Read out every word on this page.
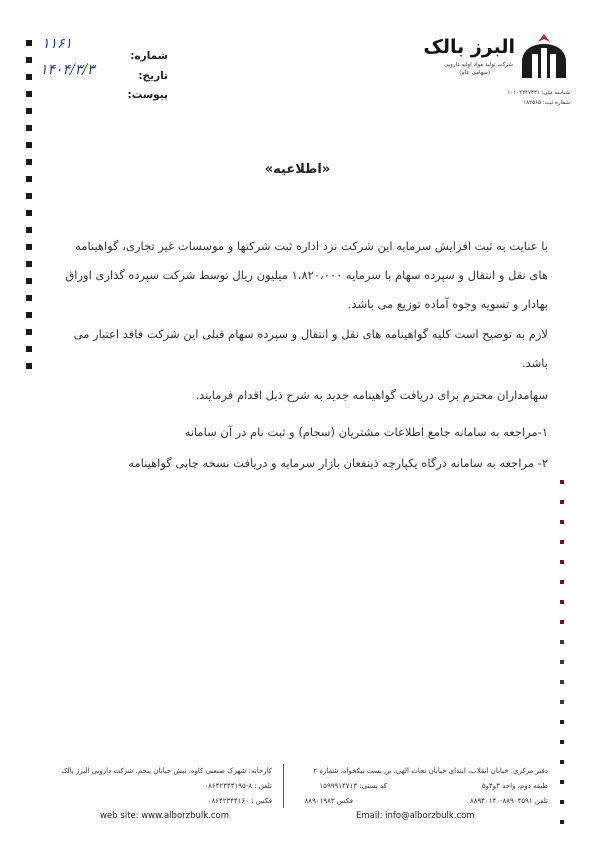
۱۱۶۱
۱۴۰۴/۳/۳
شماره:
تاریخ:
پیوست:
البرز بالک
شرکت تولید مواد اولیه دارویی
(سهامی عام)
شناسه ملی: ۱۰۱۰۲۲۴۷۳۳۱
شماره ثبت: ۱۸۲۵۶۵
«اطلاعیه»
با عنایت به ثبت افزایش سرمایه این شرکت نزد اداره ثبت شرکتها و موسسات غیر تجاری، گواهینامه های نقل و انتقال و سپرده سهام با سرمایه ۱،۸۲۰،۰۰۰ میلیون ریال توسط شرکت سپرده گذاری اوراق بهادار و تسویه وجوه آماده توزیع می باشد.
لازم به توضیح است کلیه گواهینامه های نقل و انتقال و سپرده سهام قبلی این شرکت فاقد اعتبار می باشد.
سهامداران محترم برای دریافت گواهینامه جدید به شرح ذیل اقدام فرمایند.
۱-مراجعه به سامانه جامع اطلاعات مشتریان (سجام) و ثبت نام در آن سامانه
۲- مراجعه به سامانه درگاه یکپارچه ذینفعان بازار سرمایه و دریافت نسخه چاپی گواهینامه
دفتر مرکزی: خیابان انقلاب، ابتدای خیابان نجات الهی، بن بست نیکخواه، شماره ۲
طبقه دوم، واحد ۳و۴و۵
کد پستی: ۱۵۹۹۹۱۴۷۱۳
تلفن ۸۸۹۰۴۵۹۱-۸۸۹۴۰۱۴۰
فکس ۸۸۹۰۱۹۸۳
کارخانه: شهرک صنعتی کاوه، نبش خیابان پنجم، شرکت دارویی البرز بالک
تلفن : ۸-۰۸۶۴۲۳۴۴۱۹۵
فکس : ۰۸۶۴۲۳۴۴۱۶۰
Email: info@alborzbulk.com
web site: www.alborzbulk.com
